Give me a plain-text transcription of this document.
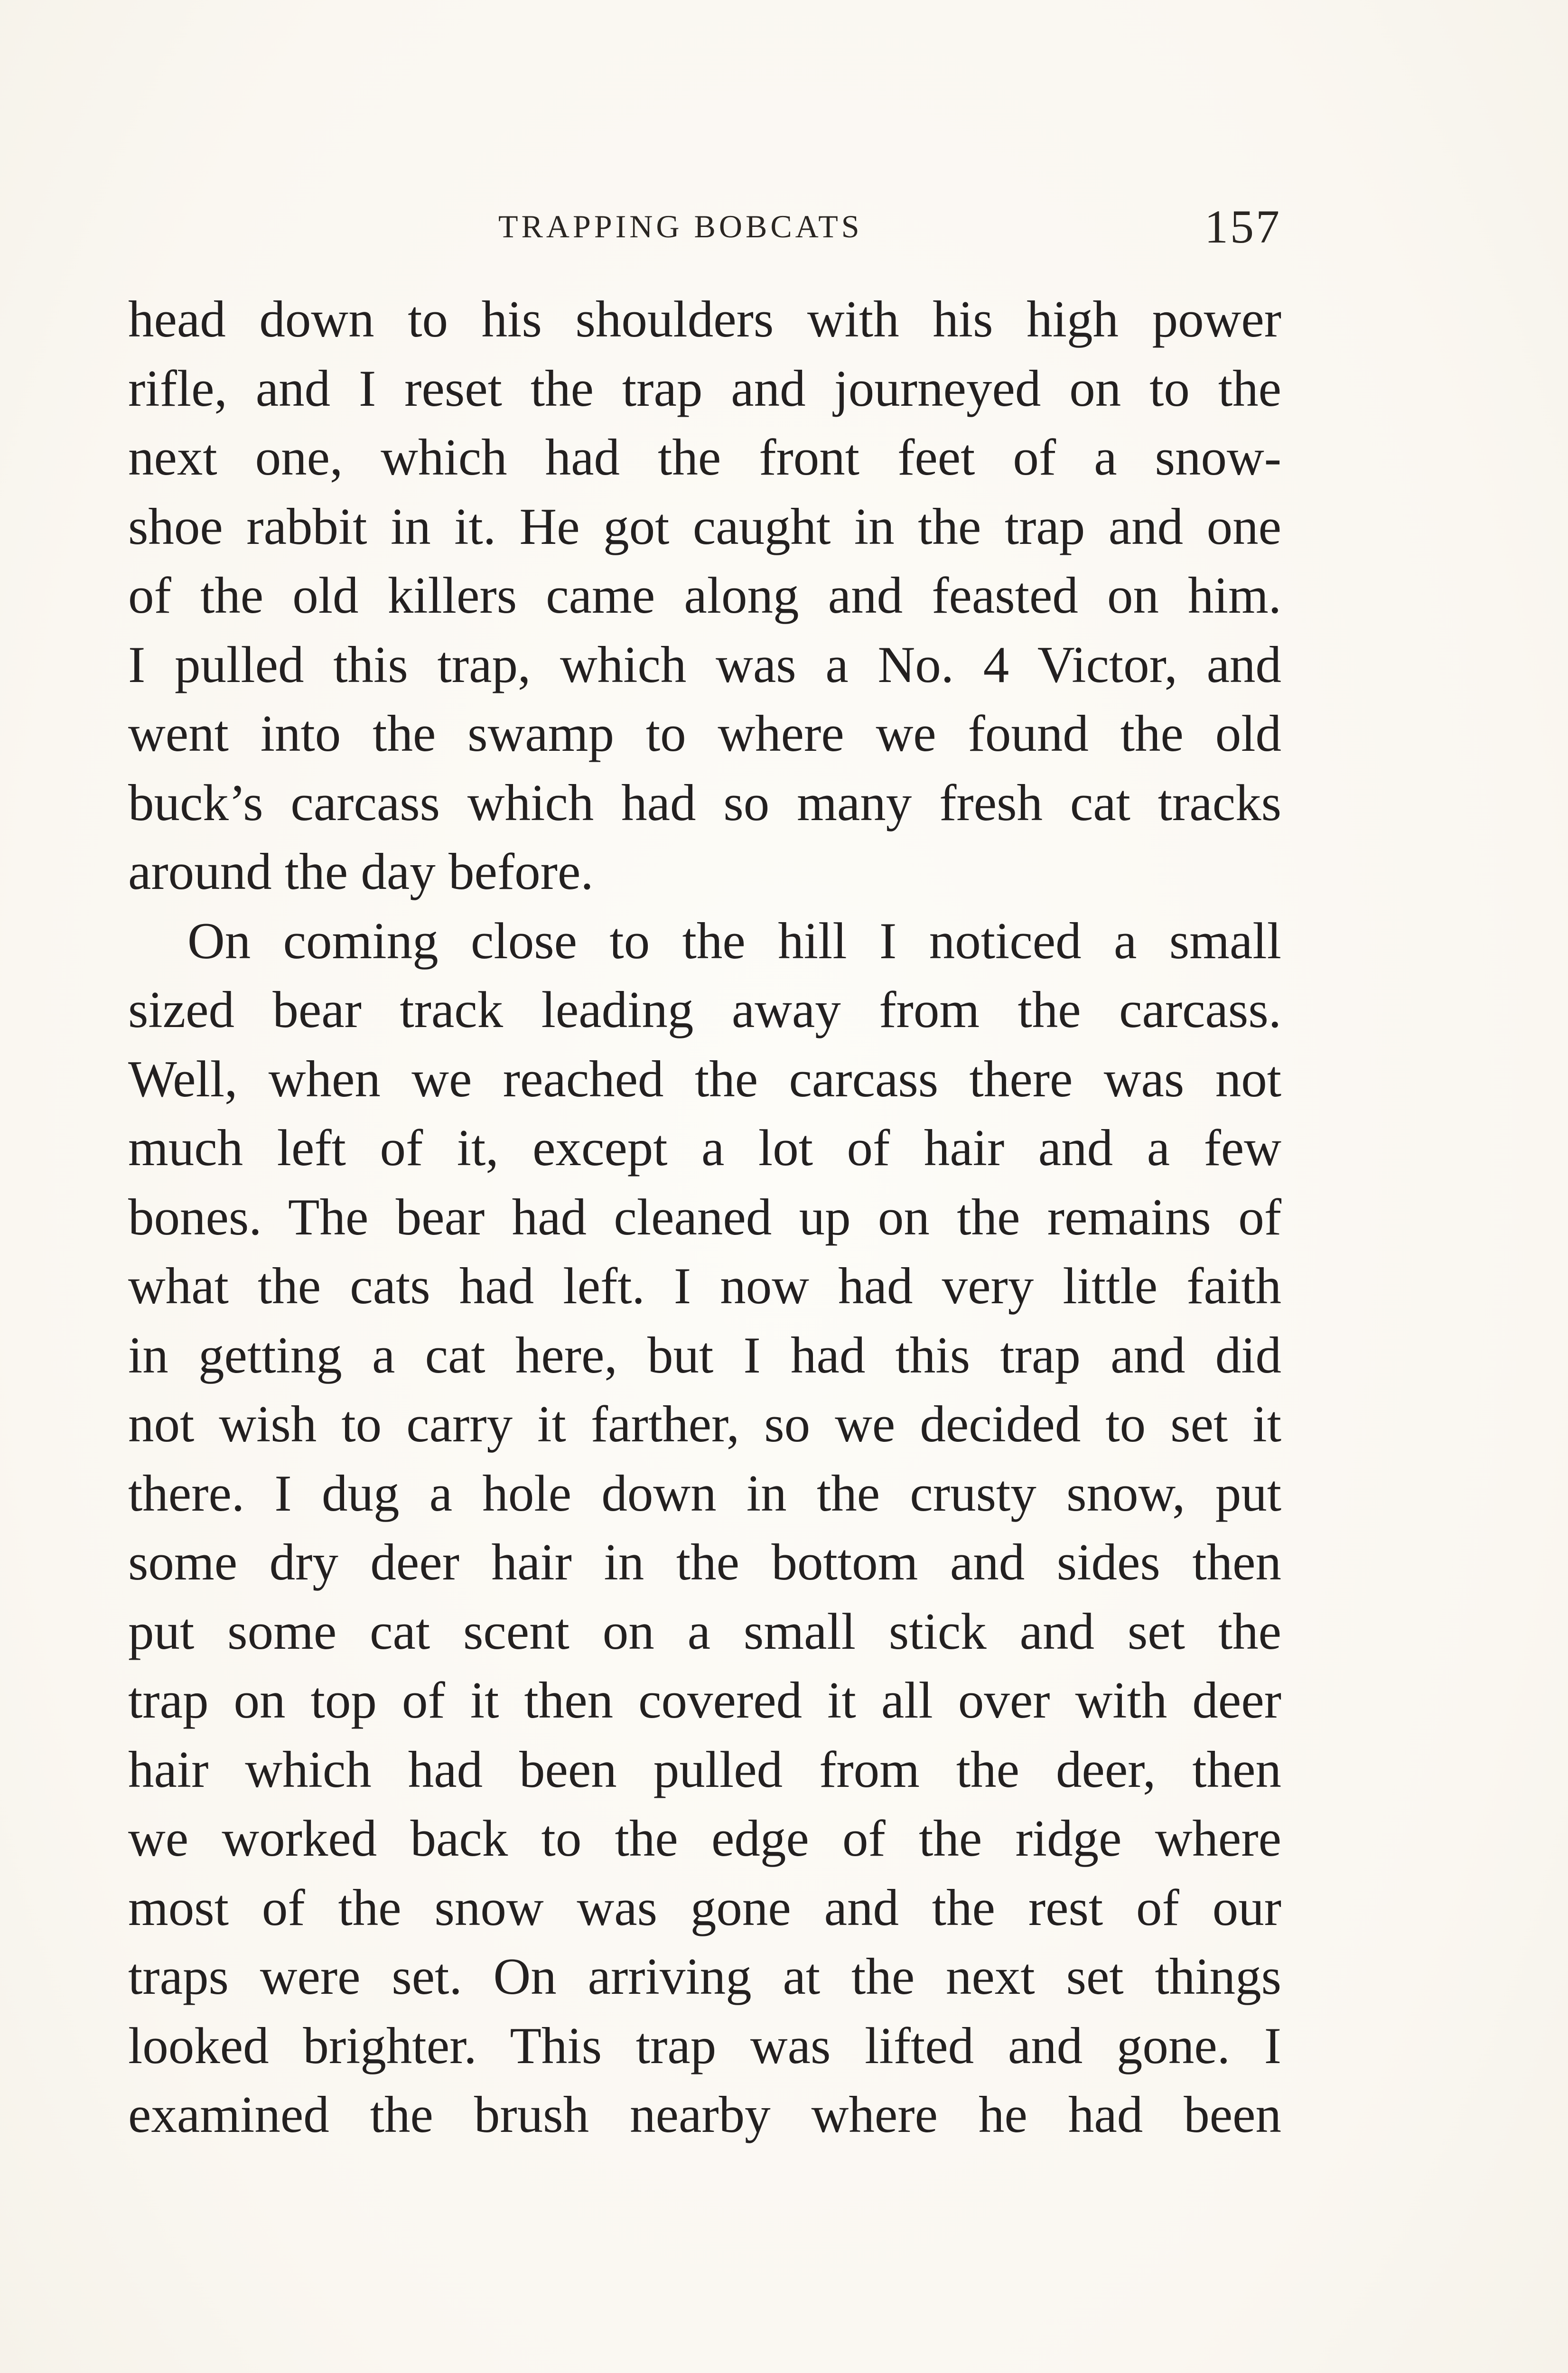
TRAPPING BOBCATS	157
head down to his shoulders with his high power
rifle, and I reset the trap and journeyed on to the
next one, which had the front feet of a snow-
shoe rabbit in it. He got caught in the trap and one
of the old killers came along and feasted on him.
I pulled this trap, which was a No. 4 Victor, and
went into the swamp to where we found the old
buck’s carcass which had so many fresh cat tracks
around the day before.
On coming close to the hill I noticed a small
sized bear track leading away from the carcass.
Well, when we reached the carcass there was not
much left of it, except a lot of hair and a few
bones. The bear had cleaned up on the remains of
what the cats had left. I now had very little faith
in getting a cat here, but I had this trap and did
not wish to carry it farther, so we decided to set it
there. I dug a hole down in the crusty snow, put
some dry deer hair in the bottom and sides then
put some cat scent on a small stick and set the
trap on top of it then covered it all over with deer
hair which had been pulled from the deer, then
we worked back to the edge of the ridge where
most of the snow was gone and the rest of our
traps were set. On arriving at the next set things
looked brighter. This trap was lifted and gone. I
examined the brush nearby where he had been
